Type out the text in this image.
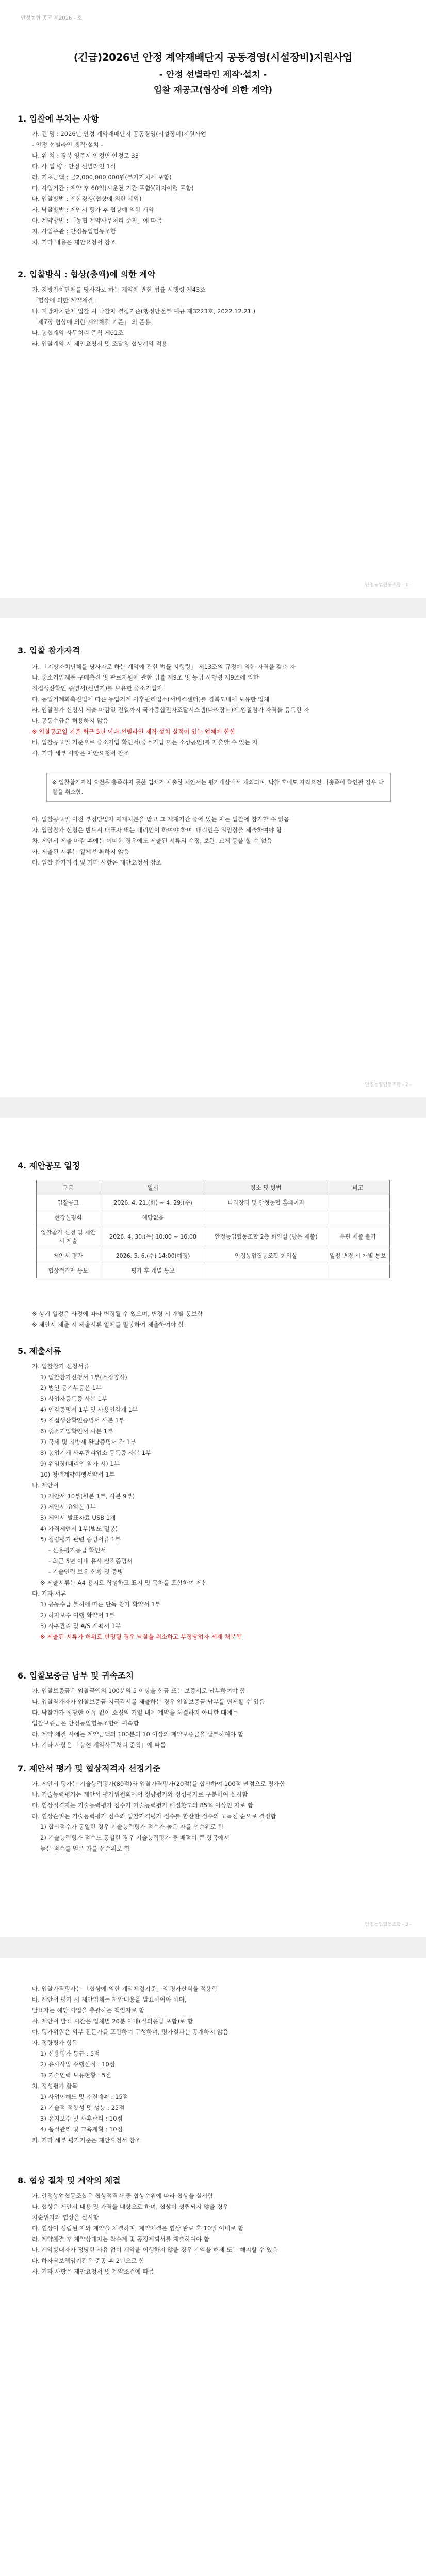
안정농협 공고 제2026 - 호
(긴급)2026년 안정 계약재배단지 공동경영(시설장비)지원사업
- 안정 선별라인 제작·설치 -
입찰 재공고(협상에 의한 계약)
1. 입찰에 부치는 사항

가. 건 명 : 2026년 안정 계약재배단지 공동경영(시설장비)지원사업

- 안정 선별라인 제작·설치 -

나. 위 치 : 경북 영주시 안정면 안정로 33

다. 사 업 량 : 안정 선별라인 1식

라. 기초금액 : 금2,000,000,000원(부가가치세 포함)

마. 사업기간 : 계약 후 60일(시운전 기간 포함)(하자이행 포함)

바. 입찰방법 : 제한경쟁(협상에 의한 계약)

사. 낙찰방법 : 제안서 평가 후 협상에 의한 계약

아. 계약방법 : 「농협 계약사무처리 준칙」에 따름

자. 사업주관 : 안정농업협동조합

차. 기타 내용은 제안요청서 참조

2. 입찰방식 : 협상(총액)에 의한 계약

가. 지방자치단체를 당사자로 하는 계약에 관한 법률 시행령 제43조

「협상에 의한 계약체결」

나. 지방자치단체 입찰 시 낙찰자 결정기준(행정안전부 예규 제3223호, 2022.12.21.)

「제7장 협상에 의한 계약체결 기준」 의 준용

다. 농협계약 사무처리 준칙 제61조

라. 입찰계약 시 제안요청서 및 조달청 협상계약 적용

안정농업협동조합 - 1 -
3. 입찰 참가자격

가. 「지방자치단체를 당사자로 하는 계약에 관한 법률 시행령」 제13조의 규정에 의한 자격을 갖춘 자

나. 중소기업제품 구매촉진 및 판로지원에 관한 법률 제9조 및 동법 시행령 제9조에 의한

직접생산확인 증명서(선별기)를 보유한 중소기업자

다. 농업기계화촉진법에 따른 농업기계 사후관리업소(서비스센터)를 경북도내에 보유한 업체

라. 입찰참가 신청서 제출 마감일 전일까지 국가종합전자조달시스템(나라장터)에 입찰참가 자격을 등록한 자

마. 공동수급은 허용하지 않음

※ 입찰공고일 기준 최근 5년 이내 선별라인 제작·설치 실적이 있는 업체에 한함

바. 입찰공고일 기준으로 중소기업 확인서(중소기업 또는 소상공인)를 제출할 수 있는 자

사. 기타 세부 사항은 제안요청서 참조

※ 입찰참가자격 요건을 충족하지 못한 업체가 제출한 제안서는 평가대상에서 제외되며, 낙찰 후에도 자격요건 미충족이 확인될 경우 낙찰을 취소함.

아. 입찰공고일 이전 부정당업자 제재처분을 받고 그 제재기간 중에 있는 자는 입찰에 참가할 수 없음

자. 입찰참가 신청은 반드시 대표자 또는 대리인이 하여야 하며, 대리인은 위임장을 제출하여야 함

차. 제안서 제출 마감 후에는 어떠한 경우에도 제출된 서류의 수정, 보완, 교체 등을 할 수 없음

카. 제출된 서류는 일체 반환하지 않음

타. 입찰 참가자격 및 기타 사항은 제안요청서 참조

안정농업협동조합 - 2 -
4. 제안공모 일정
안정농업협동조합 - 3 -
구분	일시	장소 및 방법	비고
입찰공고	2026. 4. 21.(화) ~ 4. 29.(수)	나라장터 및 안정농협 홈페이지	
현장설명회	해당없음		
입찰참가 신청 및 제안서 제출	2026. 4. 30.(목) 10:00 ~ 16:00	안정농업협동조합 2층 회의실 (방문 제출)	우편 제출 불가
제안서 평가	2026. 5. 6.(수) 14:00(예정)	안정농업협동조합 회의실	일정 변경 시 개별 통보
협상적격자 통보	평가 후 개별 통보		

※ 상기 일정은 사정에 따라 변경될 수 있으며, 변경 시 개별 통보함

※ 제안서 제출 시 제출서류 일체를 밀봉하여 제출하여야 함

5. 제출서류

가. 입찰참가 신청서류

1) 입찰참가신청서 1부(소정양식)

2) 법인 등기부등본 1부

3) 사업자등록증 사본 1부

4) 인감증명서 1부 및 사용인감계 1부

5) 직접생산확인증명서 사본 1부

6) 중소기업확인서 사본 1부

7) 국세 및 지방세 완납증명서 각 1부

8) 농업기계 사후관리업소 등록증 사본 1부

9) 위임장(대리인 참가 시) 1부

10) 청렴계약이행서약서 1부

나. 제안서

1) 제안서 10부(원본 1부, 사본 9부)

2) 제안서 요약본 1부

3) 제안서 발표자료 USB 1개

4) 가격제안서 1부(별도 밀봉)

5) 정량평가 관련 증빙서류 1부

- 신용평가등급 확인서

- 최근 5년 이내 유사 실적증명서

- 기술인력 보유 현황 및 증빙

※ 제출서류는 A4 용지로 작성하고 표지 및 목차를 포함하여 제본

다. 기타 서류

1) 공동수급 불허에 따른 단독 참가 확약서 1부

2) 하자보수 이행 확약서 1부

3) 사후관리 및 A/S 계획서 1부

※ 제출된 서류가 허위로 판명될 경우 낙찰을 취소하고 부정당업자 제재 처분함

6. 입찰보증금 납부 및 귀속조치

가. 입찰보증금은 입찰금액의 100분의 5 이상을 현금 또는 보증서로 납부하여야 함

나. 입찰참가자가 입찰보증금 지급각서를 제출하는 경우 입찰보증금 납부를 면제할 수 있음

다. 낙찰자가 정당한 이유 없이 소정의 기일 내에 계약을 체결하지 아니한 때에는

입찰보증금은 안정농업협동조합에 귀속함

라. 계약 체결 시에는 계약금액의 100분의 10 이상의 계약보증금을 납부하여야 함

마. 기타 사항은 「농협 계약사무처리 준칙」에 따름

7. 제안서 평가 및 협상적격자 선정기준

가. 제안서 평가는 기술능력평가(80점)와 입찰가격평가(20점)를 합산하여 100점 만점으로 평가함

나. 기술능력평가는 제안서 평가위원회에서 정량평가와 정성평가로 구분하여 실시함

다. 협상적격자는 기술능력평가 점수가 기술능력평가 배점한도의 85% 이상인 자로 함

라. 협상순위는 기술능력평가 점수와 입찰가격평가 점수를 합산한 점수의 고득점 순으로 결정함

1) 합산점수가 동일한 경우 기술능력평가 점수가 높은 자를 선순위로 함

2) 기술능력평가 점수도 동일한 경우 기술능력평가 중 배점이 큰 항목에서

높은 점수를 얻은 자를 선순위로 함

마. 입찰가격평가는 「협상에 의한 계약체결기준」의 평가산식을 적용함

바. 제안서 평가 시 제안업체는 제안내용을 발표하여야 하며,

발표자는 해당 사업을 총괄하는 책임자로 함

사. 제안서 발표 시간은 업체별 20분 이내(질의응답 포함)로 함

아. 평가위원은 외부 전문가를 포함하여 구성하며, 평가결과는 공개하지 않음

자. 정량평가 항목

1) 신용평가 등급 : 5점

2) 유사사업 수행실적 : 10점

3) 기술인력 보유현황 : 5점

차. 정성평가 항목

1) 사업이해도 및 추진계획 : 15점

2) 기술적 적합성 및 성능 : 25점

3) 유지보수 및 사후관리 : 10점

4) 품질관리 및 교육계획 : 10점

카. 기타 세부 평가기준은 제안요청서 참조

8. 협상 절차 및 계약의 체결

가. 안정농업협동조합은 협상적격자 중 협상순위에 따라 협상을 실시함

나. 협상은 제안서 내용 및 가격을 대상으로 하며, 협상이 성립되지 않을 경우

차순위자와 협상을 실시함

다. 협상이 성립된 자와 계약을 체결하며, 계약체결은 협상 완료 후 10일 이내로 함

라. 계약체결 후 계약상대자는 착수계 및 공정계획서를 제출하여야 함

마. 계약상대자가 정당한 사유 없이 계약을 이행하지 않을 경우 계약을 해제 또는 해지할 수 있음

바. 하자담보책임기간은 준공 후 2년으로 함

사. 기타 사항은 제안요청서 및 계약조건에 따름
